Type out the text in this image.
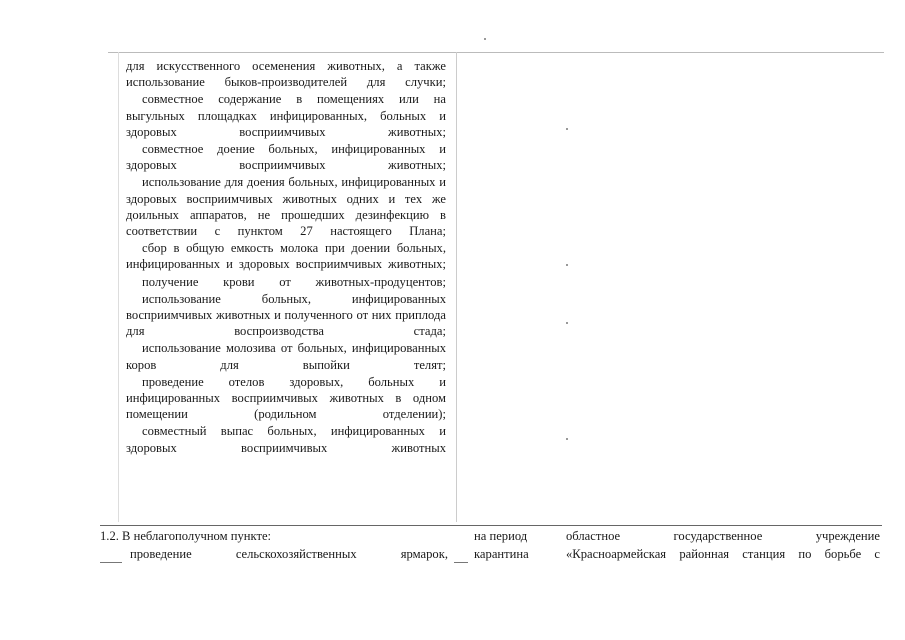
для искусственного осеменения животных, а также использование быков-производителей для случки;

совместное содержание в помещениях или на выгульных площадках инфицированных, больных и здоровых восприимчивых животных;

совместное доение больных, инфицированных и здоровых восприимчивых животных;

использование для доения больных, инфицированных и здоровых восприимчивых животных одних и тех же доильных аппаратов, не прошедших дезинфекцию в соответствии с пунктом 27 настоящего Плана;

сбор в общую емкость молока при доении больных, инфицированных и здоровых восприимчивых животных;

получение крови от животных-продуцентов;

использование больных, инфицированных восприимчивых животных и полученного от них приплода для воспроизводства стада;

использование молозива от больных, инфицированных коров для выпойки телят;

проведение отелов здоровых, больных и инфицированных восприимчивых животных в одном помещении (родильном отделении);

совместный выпас больных, инфицированных и здоровых восприимчивых животных

1.2. В неблагополучном пункте:
проведение сельскохозяйственных ярмарок,
на период
карантина
областное государственное учреждение
«Красноармейская районная станция по борьбе с
